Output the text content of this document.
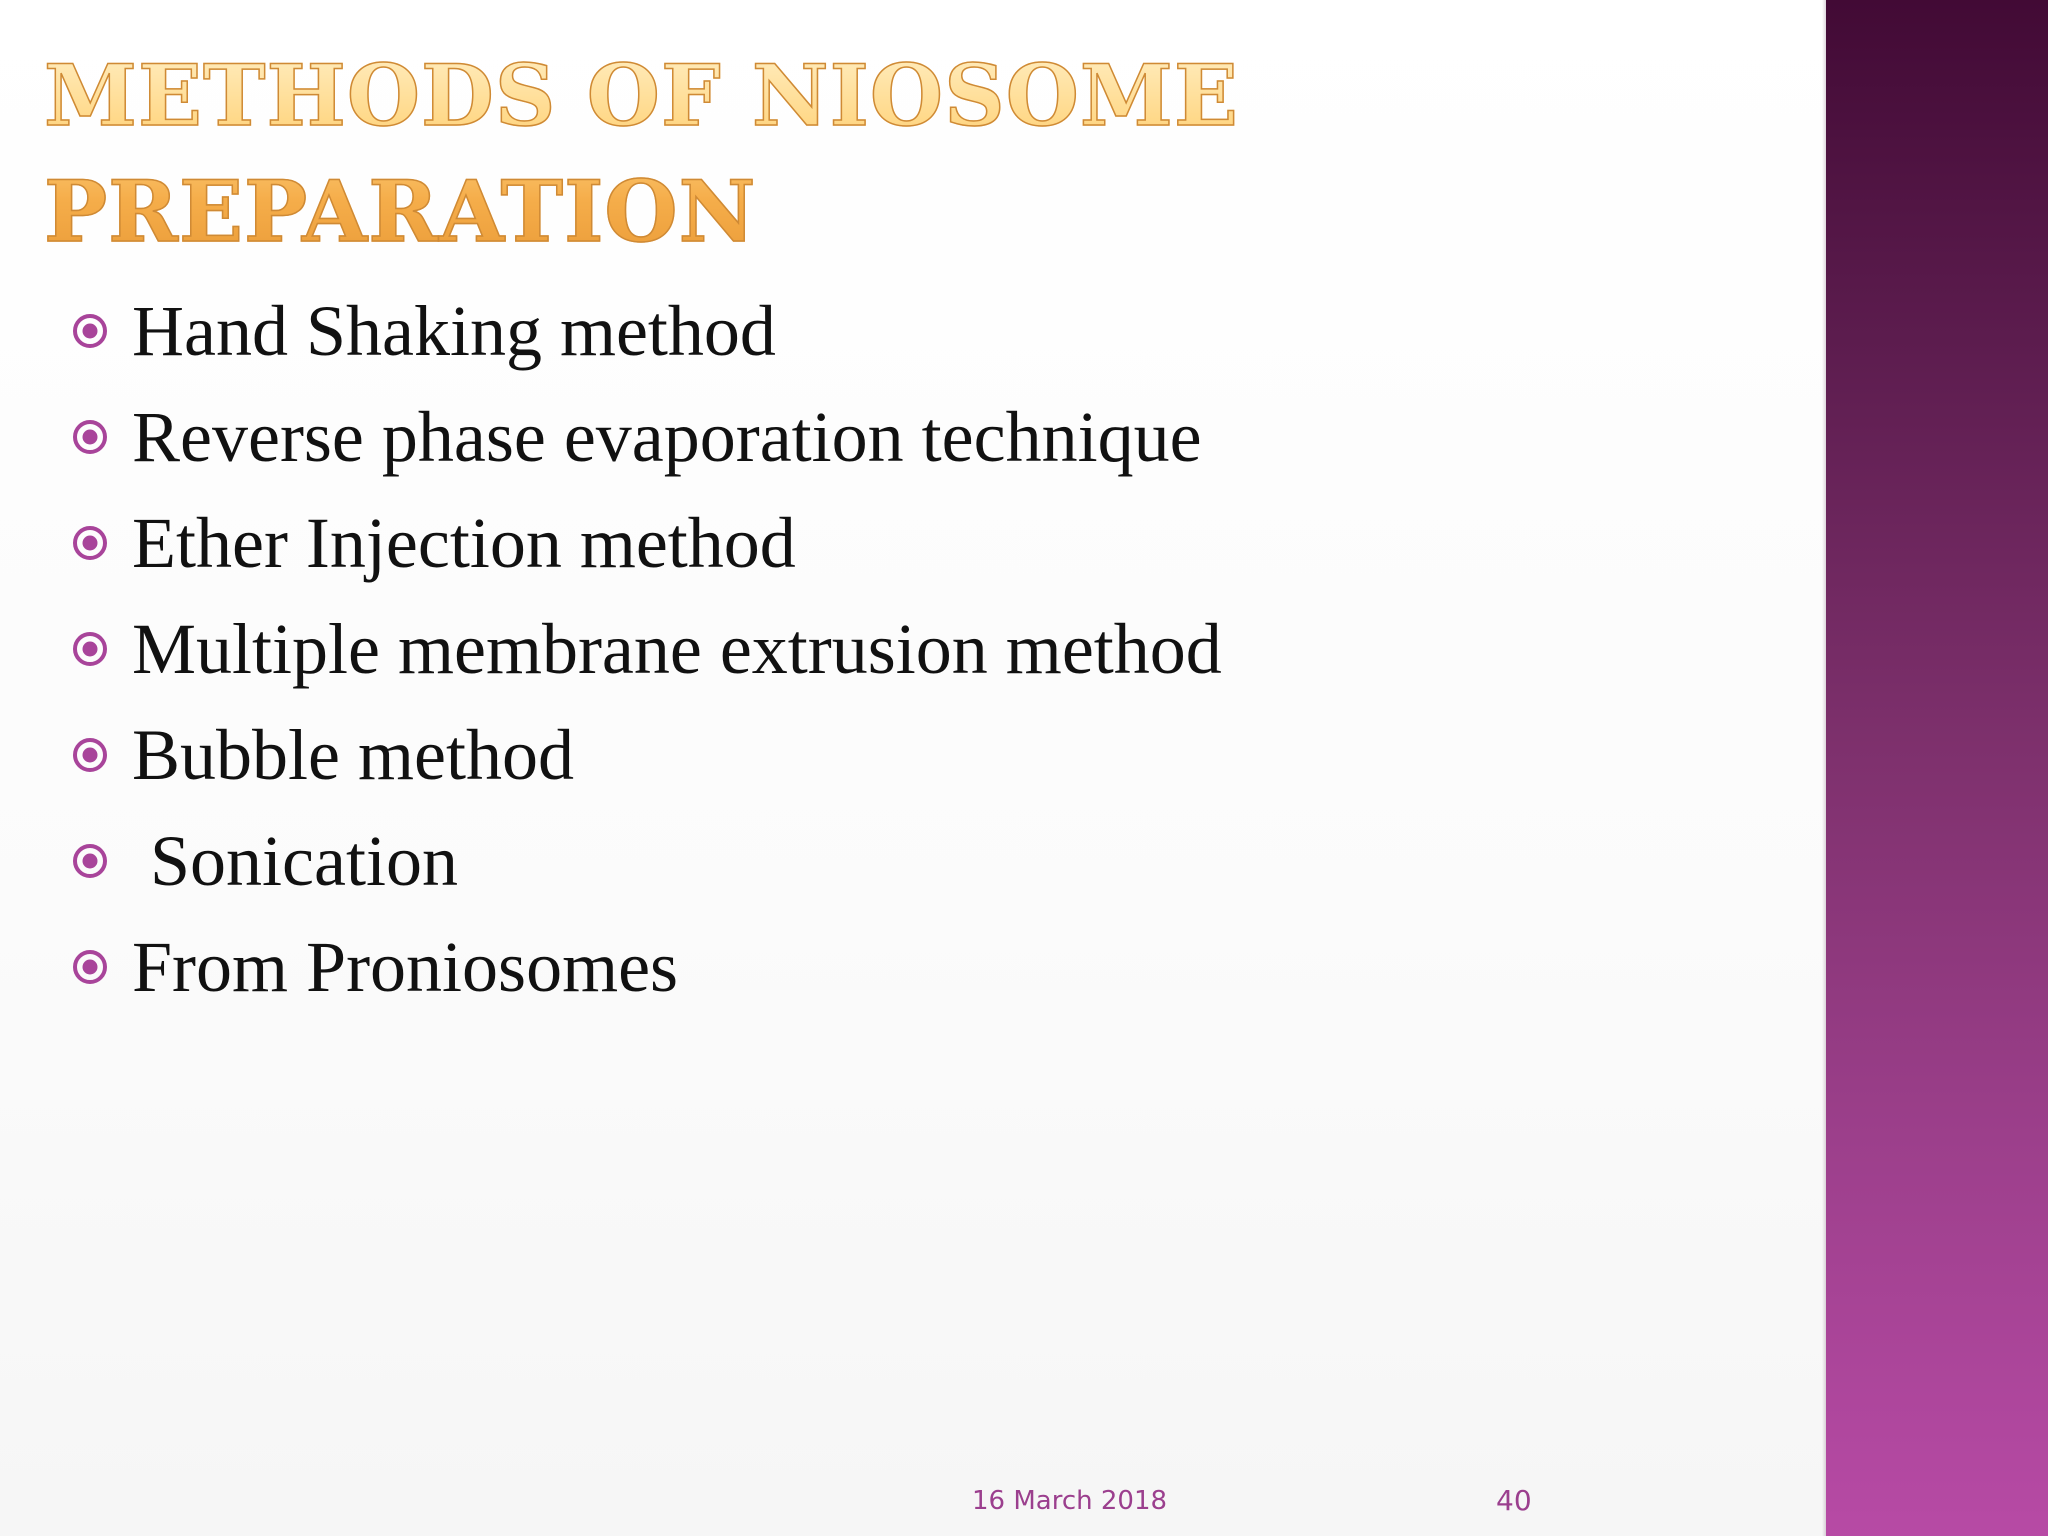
METHODS OF NIOSOME PREPARATION
Hand Shaking method
Reverse phase evaporation technique
Ether Injection method
Multiple membrane extrusion method
Bubble method
Sonication
From Proniosomes
16 March 2018	40
